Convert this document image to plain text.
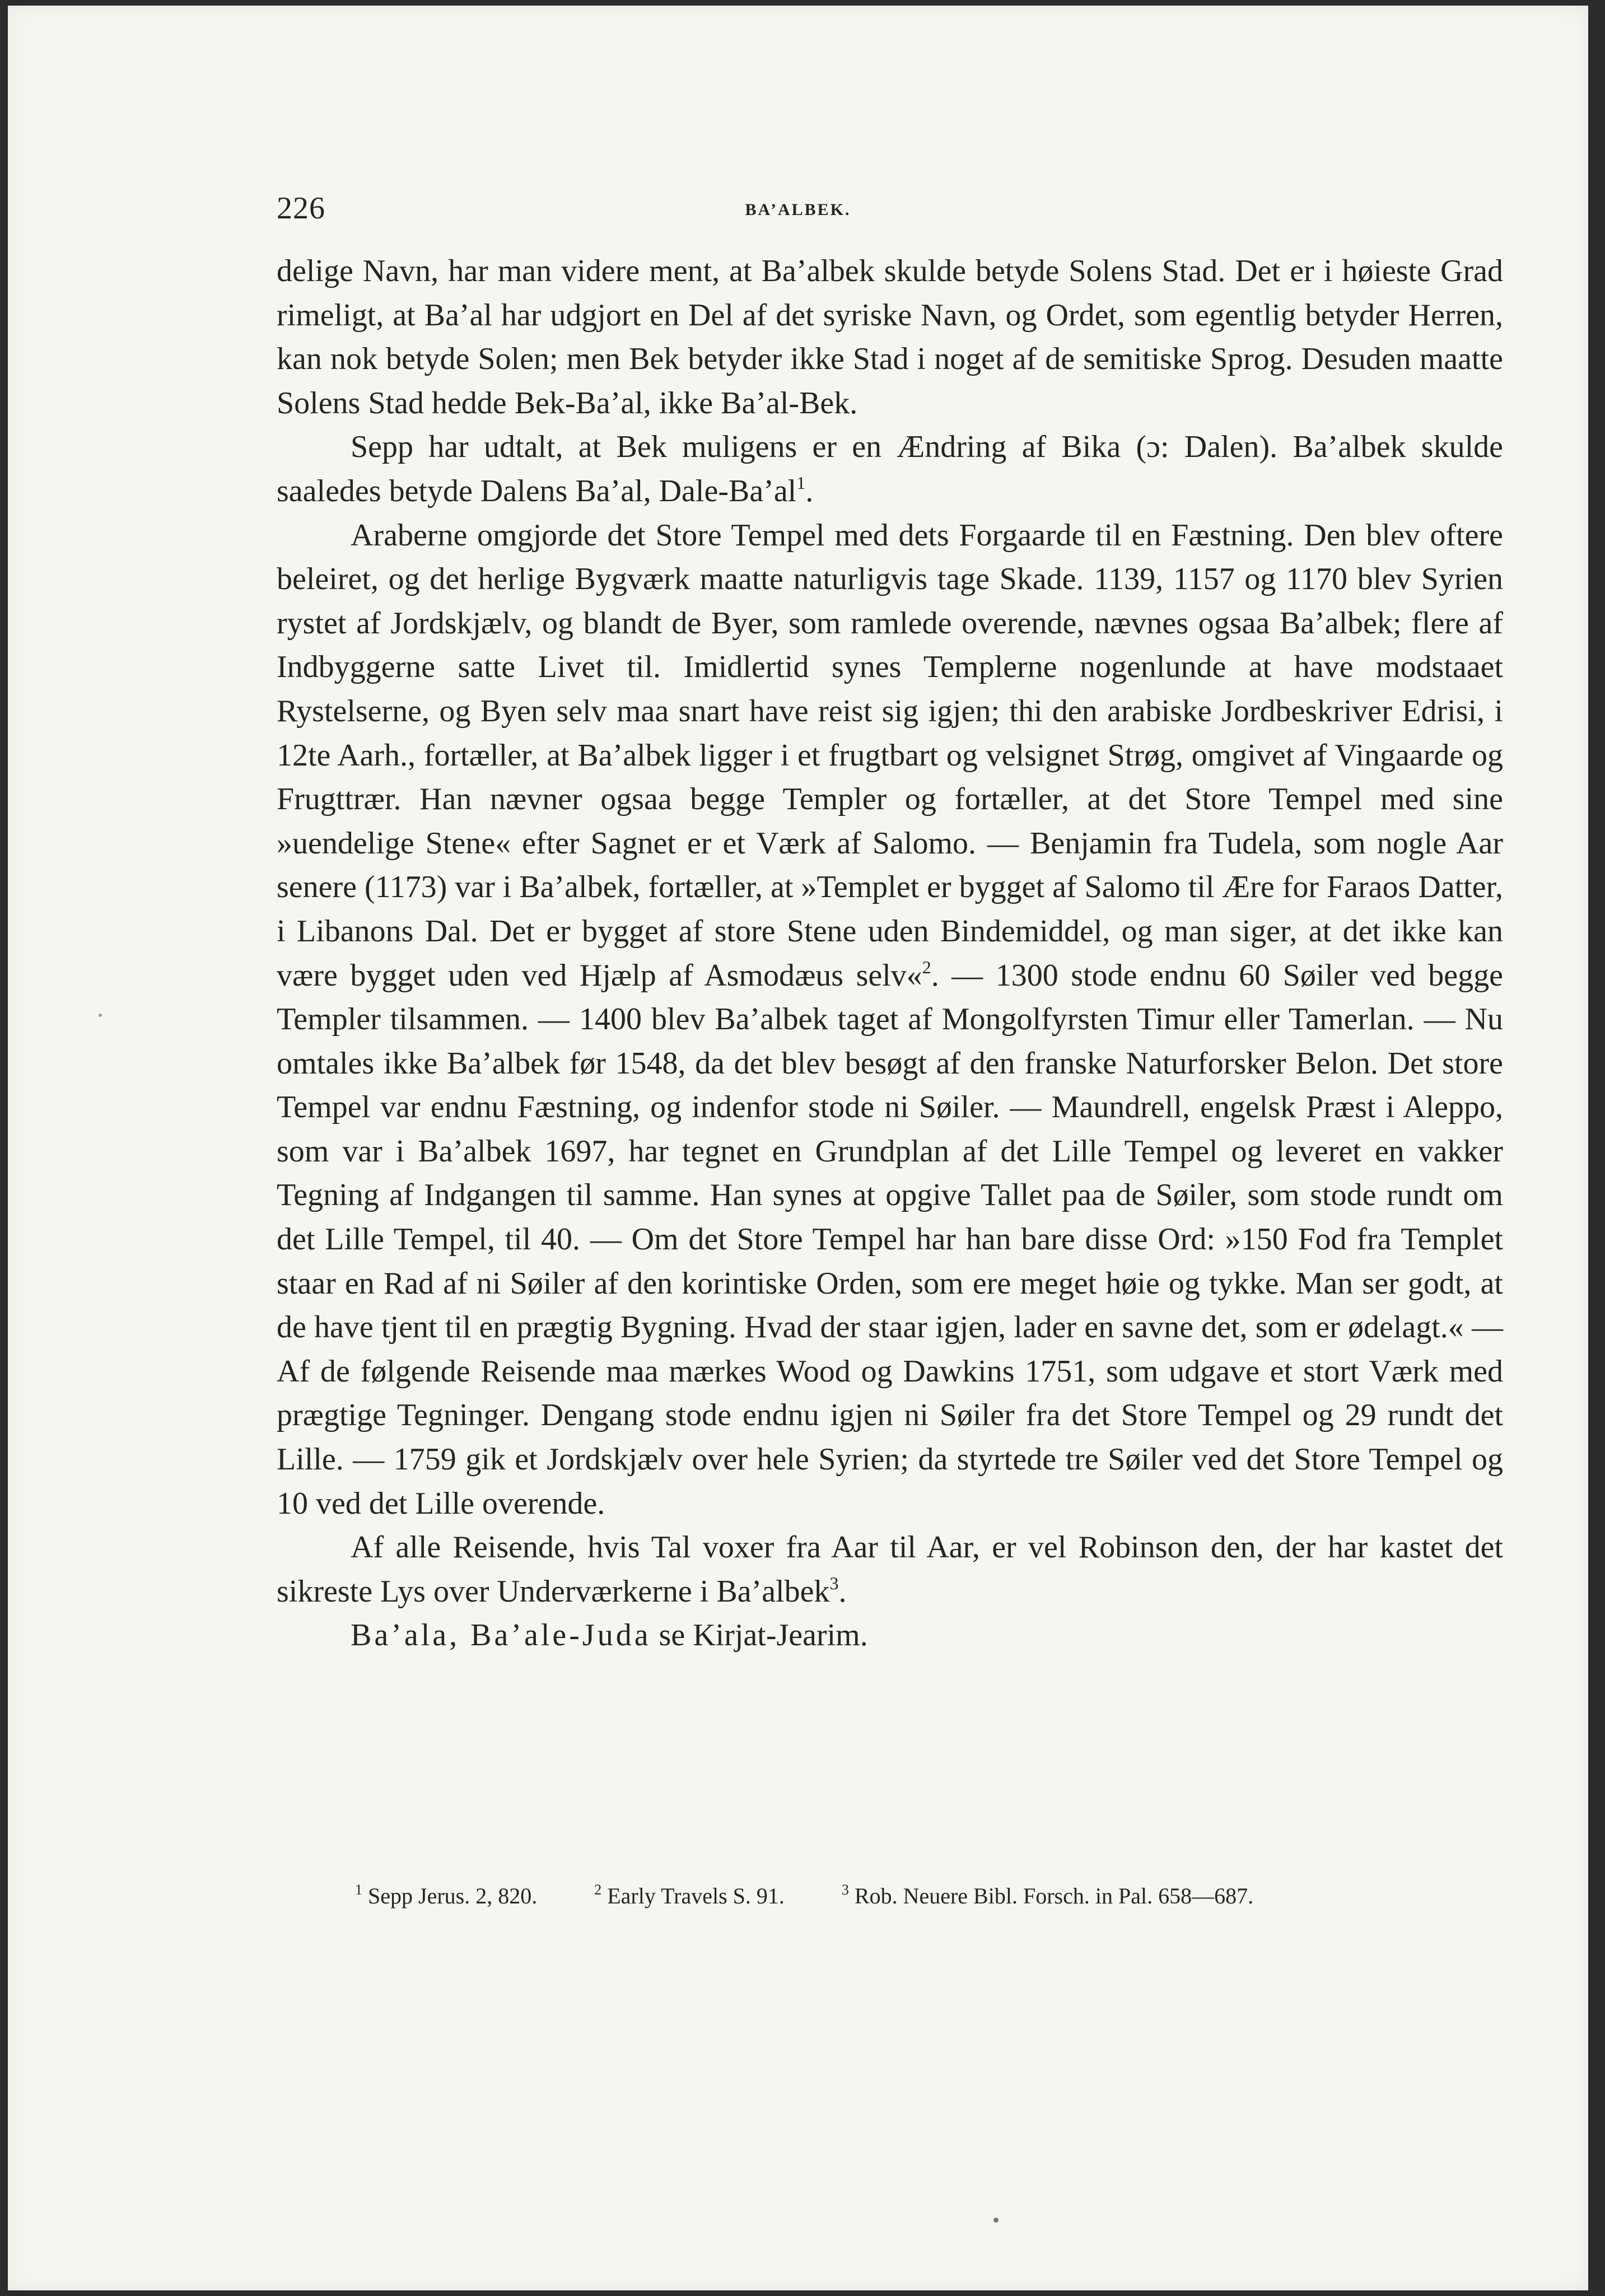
226	BA’ALBEK.

delige Navn, har man videre ment, at Ba’albek skulde betyde Solens Stad. Det er i høieste Grad rimeligt, at Ba’al har udgjort en Del af det syriske Navn, og Ordet, som egentlig betyder Herren, kan nok betyde Solen; men Bek betyder ikke Stad i noget af de semitiske Sprog. Desuden maatte Solens Stad hedde Bek-Ba’al, ikke Ba’al-Bek.

Sepp har udtalt, at Bek muligens er en Ændring af Bika (ɔ: Dalen). Ba’albek skulde saaledes betyde Dalens Ba’al, Dale-$Ba’al^1$.

Araberne omgjorde det Store Tempel med dets Forgaarde til en Fæstning. Den blev oftere beleiret, og det herlige Bygværk maatte naturligvis tage Skade. 1139, 1157 og 1170 blev Syrien rystet af Jordskjælv, og blandt de Byer, som ramlede overende, nævnes ogsaa Ba’albek; flere af Indbyggerne satte Livet til. Imidlertid synes Templerne nogenlunde at have modstaaet Rystelserne, og Byen selv maa snart have reist sig igjen; thi den arabiske Jordbeskriver Edrisi, i 12te Aarh., fortæller, at Ba’albek ligger i et frugtbart og velsignet Strøg, omgivet af Vingaarde og Frugttrær. Han nævner ogsaa begge Templer og fortæller, at det Store Tempel med sine »uendelige Stene« efter Sagnet er et Værk af Salomo. — Benjamin fra Tudela, som nogle Aar senere (1173) var i Ba’albek, fortæller, at »Templet er bygget af Salomo til Ære for Faraos Datter, i Libanons Dal. Det er bygget af store Stene uden Bindemiddel, og man siger, at det ikke kan være bygget uden ved Hjælp af Asmodæus selv«$^2$. — 1300 stode endnu 60 Søiler ved begge Templer tilsammen. — 1400 blev Ba’albek taget af Mongolfyrsten Timur eller Tamerlan. — Nu omtales ikke Ba’albek før 1548, da det blev besøgt af den franske Naturforsker Belon. Det store Tempel var endnu Fæstning, og indenfor stode ni Søiler. — Maundrell, engelsk Præst i Aleppo, som var i Ba’albek 1697, har tegnet en Grundplan af det Lille Tempel og leveret en vakker Tegning af Indgangen til samme. Han synes at opgive Tallet paa de Søiler, som stode rundt om det Lille Tempel, til 40. — Om det Store Tempel har han bare disse Ord: »150 Fod fra Templet staar en Rad af ni Søiler af den korintiske Orden, som ere meget høie og tykke. Man ser godt, at de have tjent til en prægtig Bygning. Hvad der staar igjen, lader en savne det, som er ødelagt.« — Af de følgende Reisende maa mærkes Wood og Dawkins 1751, som udgave et stort Værk med prægtige Tegninger. Dengang stode endnu igjen ni Søiler fra det Store Tempel og 29 rundt det Lille. — 1759 gik et Jordskjælv over hele Syrien; da styrtede tre Søiler ved det Store Tempel og 10 ved det Lille overende.

Af alle Reisende, hvis Tal voxer fra Aar til Aar, er vel Robinson den, der har kastet det sikreste Lys over Underværkerne i Ba’albek$^3$.

Ba’ala, Ba’ale-Juda se Kirjat-Jearim.

$^1$ Sepp Jerus. 2, 820.	$^2$ Early Travels S. 91.	$^3$ Rob. Neuere Bibl. Forsch. in Pal. 658—687.
